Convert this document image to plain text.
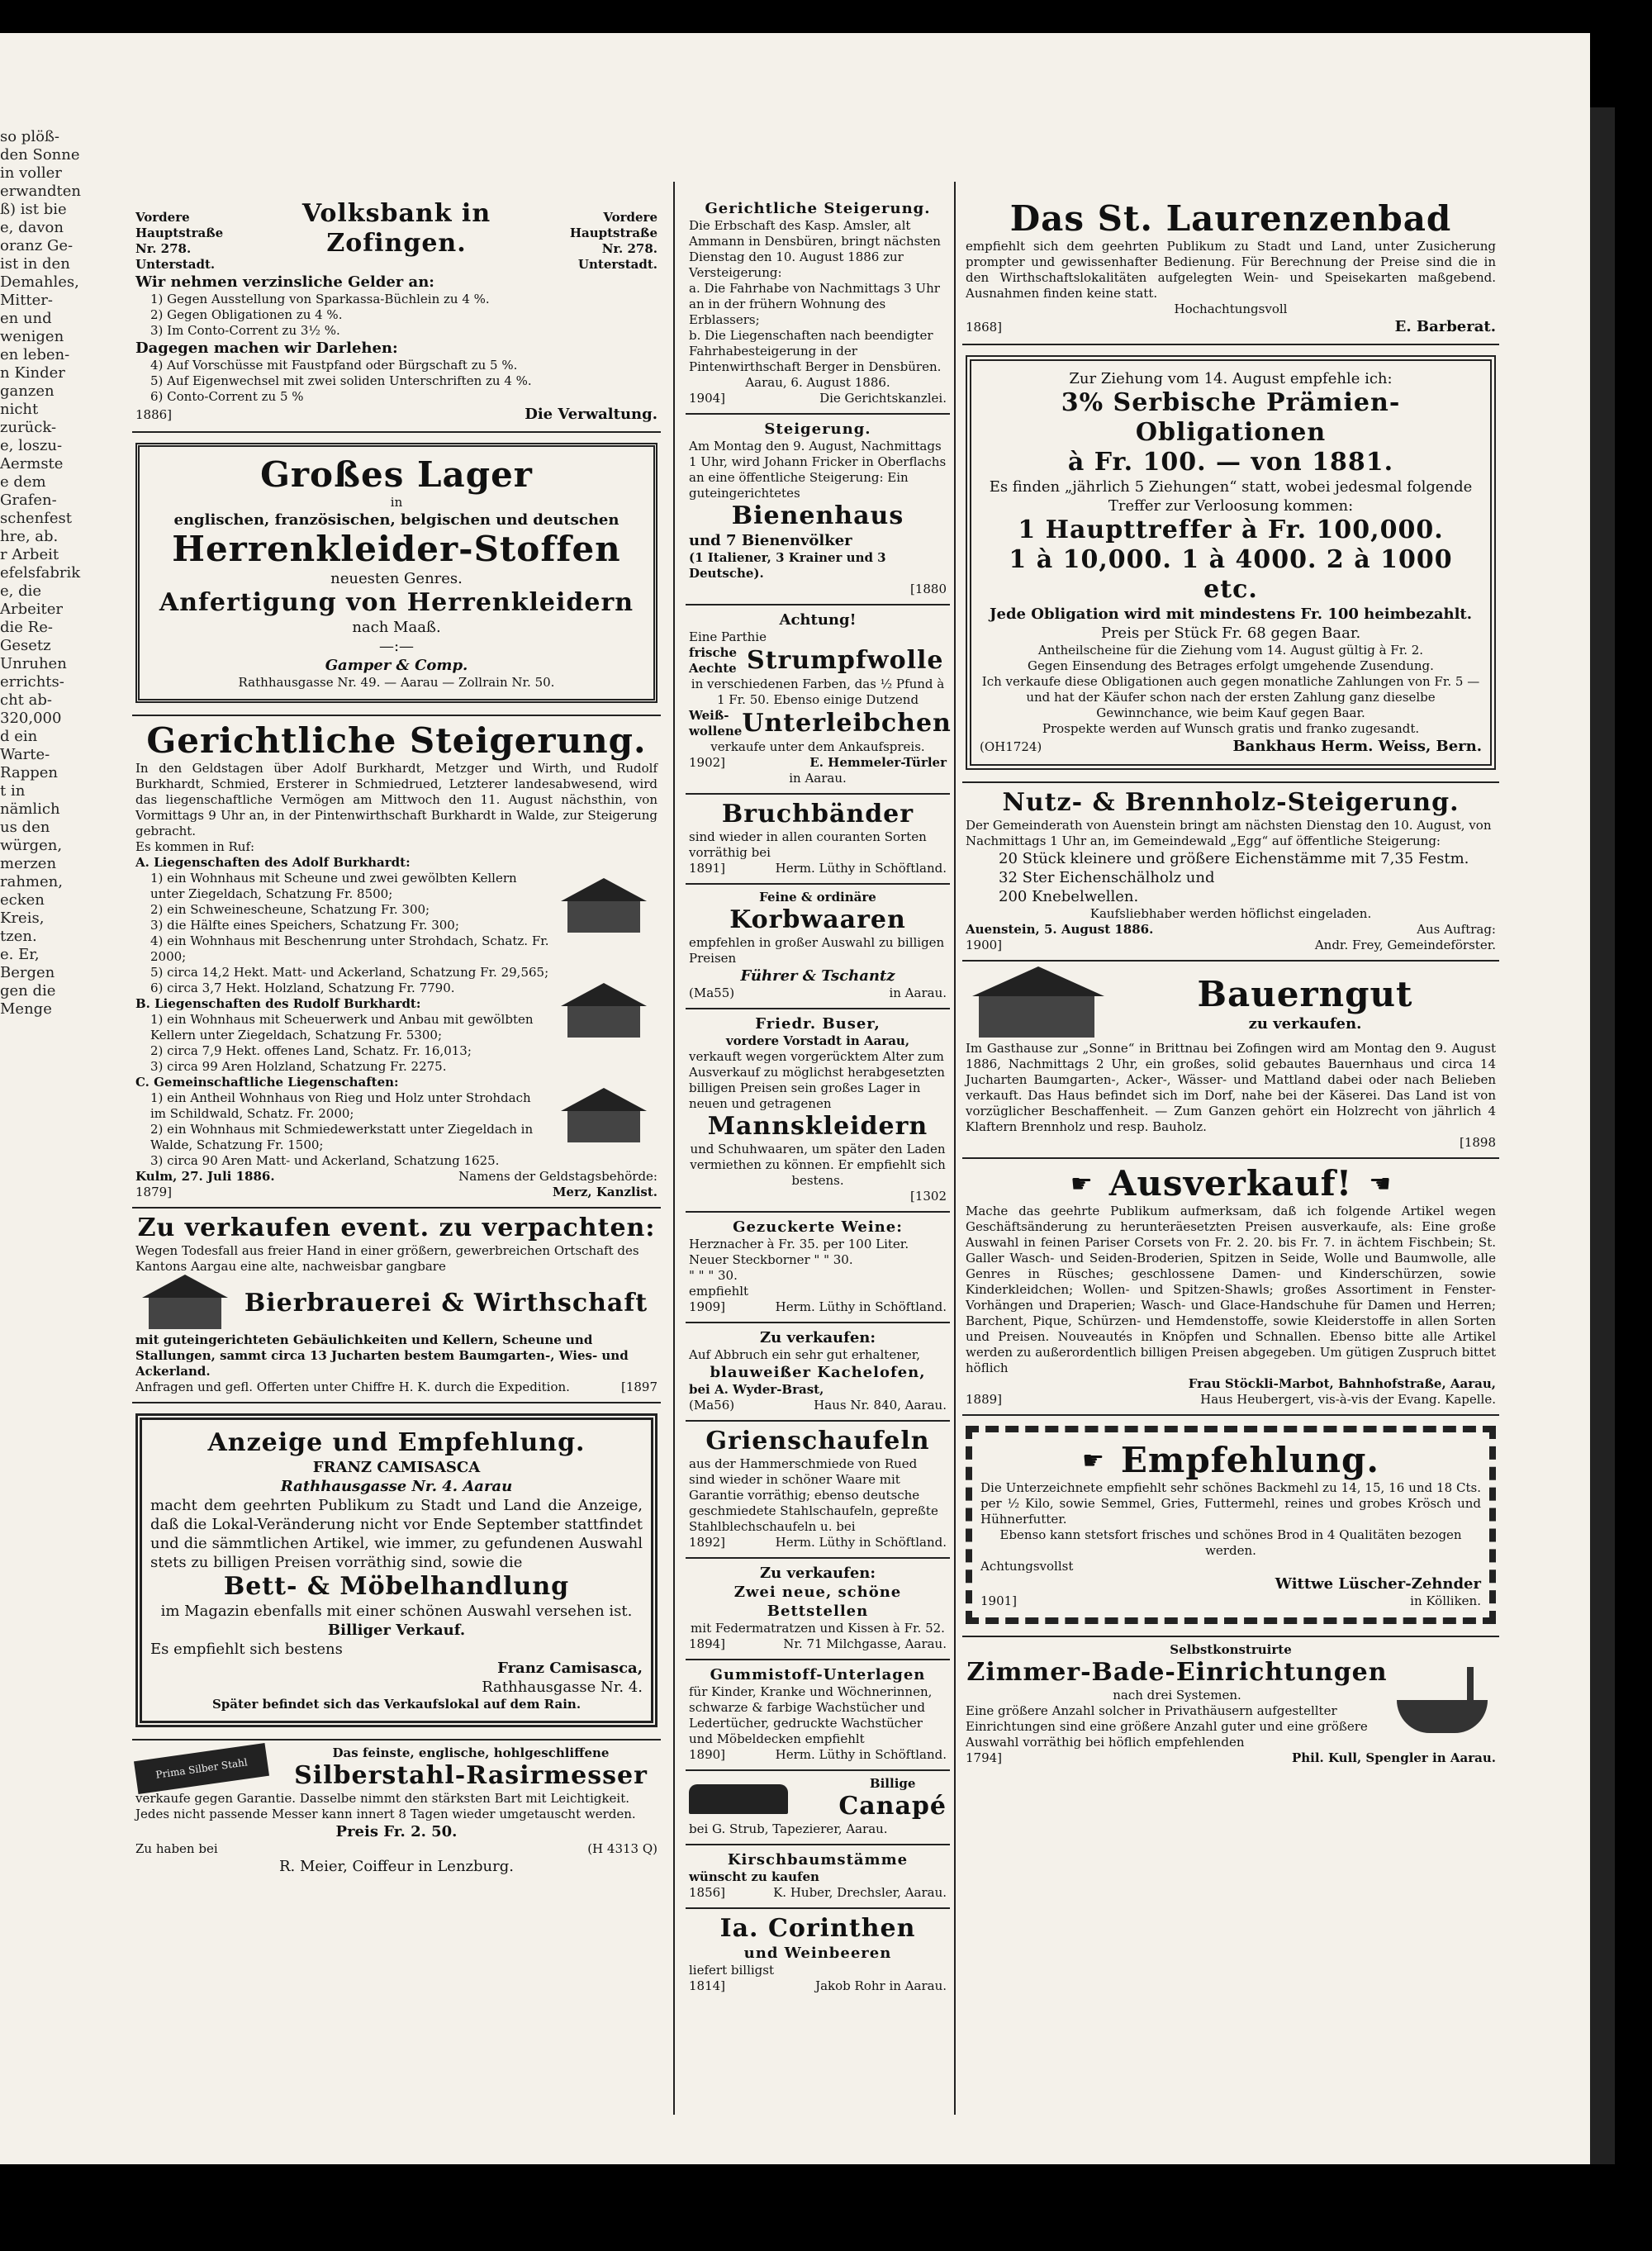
so plöß-
den Sonne
in voller
erwandten
ß) ist bie
e, davon
oranz Ge-
ist in den
Demahles,
Mitter-
en und
wenigen
en leben-
n Kinder
ganzen
nicht
zurück-
e, loszu-
Aermste
e dem
Grafen-
schenfest
hre, ab.
r Arbeit
efelsfabrik
e, die
Arbeiter
die Re-
Gesetz
Unruhen
errichts-
cht ab-
320,000
d ein
Warte-
Rappen
t in
nämlich
us den
würgen,
merzen
rahmen,
ecken
Kreis,
tzen.
e. Er,
Bergen
gen die
Menge
Vordere Hauptstraße Nr. 278. Unterstadt.
Volksbank in Zofingen.
Vordere Hauptstraße Nr. 278. Unterstadt.
Wir nehmen verzinsliche Gelder an:
1) Gegen Ausstellung von Sparkassa-Büchlein zu 4 %.
2) Gegen Obligationen zu 4 %.
3) Im Conto-Corrent zu 3½ %.
Dagegen machen wir Darlehen:
4) Auf Vorschüsse mit Faustpfand oder Bürgschaft zu 5 %.
5) Auf Eigenwechsel mit zwei soliden Unterschriften zu 4 %.
6) Conto-Corrent zu 5 %
1886]	Die Verwaltung.
Großes Lager
in
englischen, französischen, belgischen und deutschen
Herrenkleider-Stoffen
neuesten Genres.
Anfertigung von Herrenkleidern
nach Maaß.
—:—
Gamper & Comp.
Rathhausgasse Nr. 49. — Aarau — Zollrain Nr. 50.
Gerichtliche Steigerung.
In den Geldstagen über Adolf Burkhardt, Metzger und Wirth, und Rudolf Burkhardt, Schmied, Ersterer in Schmiedrued, Letzterer landesabwesend, wird das liegenschaftliche Vermögen am Mittwoch den 11. August nächsthin, von Vormittags 9 Uhr an, in der Pintenwirthschaft Burkhardt in Walde, zur Steigerung gebracht.
Es kommen in Ruf:
A. Liegenschaften des Adolf Burkhardt:
1) ein Wohnhaus mit Scheune und zwei gewölbten Kellern unter Ziegeldach, Schatzung Fr. 8500;
2) ein Schweinescheune, Schatzung Fr. 300;
3) die Hälfte eines Speichers, Schatzung Fr. 300;
4) ein Wohnhaus mit Beschenrung unter Strohdach, Schatz. Fr. 2000;
5) circa 14,2 Hekt. Matt- und Ackerland, Schatzung Fr. 29,565;
6) circa 3,7 Hekt. Holzland, Schatzung Fr. 7790.
B. Liegenschaften des Rudolf Burkhardt:
1) ein Wohnhaus mit Scheuerwerk und Anbau mit gewölbten Kellern unter Ziegeldach, Schatzung Fr. 5300;
2) circa 7,9 Hekt. offenes Land, Schatz. Fr. 16,013;
3) circa 99 Aren Holzland, Schatzung Fr. 2275.
C. Gemeinschaftliche Liegenschaften:
1) ein Antheil Wohnhaus von Rieg und Holz unter Strohdach im Schildwald, Schatz. Fr. 2000;
2) ein Wohnhaus mit Schmiedewerkstatt unter Ziegeldach in Walde, Schatzung Fr. 1500;
3) circa 90 Aren Matt- und Ackerland, Schatzung 1625.
Kulm, 27. Juli 1886.	Namens der Geldstagsbehörde:
1879]	Merz, Kanzlist.
Zu verkaufen event. zu verpachten:
Wegen Todesfall aus freier Hand in einer größern, gewerbreichen Ortschaft des Kantons Aargau eine alte, nachweisbar gangbare
Bierbrauerei & Wirthschaft
mit guteingerichteten Gebäulichkeiten und Kellern, Scheune und Stallungen, sammt circa 13 Jucharten bestem Baumgarten-, Wies- und Ackerland.
Anfragen und gefl. Offerten unter Chiffre H. K. durch die Expedition.	[1897
Anzeige und Empfehlung.
FRANZ CAMISASCA
Rathhausgasse Nr. 4. Aarau
macht dem geehrten Publikum zu Stadt und Land die Anzeige, daß die Lokal-Veränderung nicht vor Ende September stattfindet und die sämmtlichen Artikel, wie immer, zu gefundenen Auswahl stets zu billigen Preisen vorräthig sind, sowie die
Bett- & Möbelhandlung
im Magazin ebenfalls mit einer schönen Auswahl versehen ist.
Billiger Verkauf.
Es empfiehlt sich bestens
Franz Camisasca,
Rathhausgasse Nr. 4.
Später befindet sich das Verkaufslokal auf dem Rain.
Prima Silber Stahl
Das feinste, englische, hohlgeschliffene
Silberstahl-Rasirmesser
verkaufe gegen Garantie. Dasselbe nimmt den stärksten Bart mit Leichtigkeit. Jedes nicht passende Messer kann innert 8 Tagen wieder umgetauscht werden.
Preis Fr. 2. 50.
Zu haben bei	(H 4313 Q)
R. Meier, Coiffeur in Lenzburg.
Gerichtliche Steigerung.
Die Erbschaft des Kasp. Amsler, alt Ammann in Densbüren, bringt nächsten Dienstag den 10. August 1886 zur Versteigerung:
a. Die Fahrhabe von Nachmittags 3 Uhr an in der frühern Wohnung des Erblassers;
b. Die Liegenschaften nach beendigter Fahrhabesteigerung in der Pintenwirthschaft Berger in Densbüren.
Aarau, 6. August 1886.
1904]	Die Gerichtskanzlei.
Steigerung.
Am Montag den 9. August, Nachmittags 1 Uhr, wird Johann Fricker in Oberflachs an eine öffentliche Steigerung: Ein guteingerichtetes
Bienenhaus
und 7 Bienenvölker
(1 Italiener, 3 Krainer und 3 Deutsche).
[1880
Achtung!
Eine Parthie
frische
Aechte Strumpfwolle
in verschiedenen Farben, das ½ Pfund à 1 Fr. 50. Ebenso einige Dutzend
Weiß-
wollene Unterleibchen
verkaufe unter dem Ankaufspreis.
1902]	E. Hemmeler-Türler
in Aarau.
Bruchbänder
sind wieder in allen couranten Sorten vorräthig bei
1891]	Herm. Lüthy in Schöftland.
Feine & ordinäre
Korbwaaren
empfehlen in großer Auswahl zu billigen Preisen
Führer & Tschantz
(Ma55)	in Aarau.
Friedr. Buser,
vordere Vorstadt in Aarau,
verkauft wegen vorgerücktem Alter zum Ausverkauf zu möglichst herabgesetzten billigen Preisen sein großes Lager in neuen und getragenen
Mannskleidern
und Schuhwaaren, um später den Laden vermiethen zu können. Er empfiehlt sich bestens.
[1302
Gezuckerte Weine:
Herznacher à Fr. 35. per 100 Liter.
Neuer Steckborner " " 30.
" " " 30.
empfiehlt
1909]	Herm. Lüthy in Schöftland.
Zu verkaufen:
Auf Abbruch ein sehr gut erhaltener,
blauweißer Kachelofen,
bei A. Wyder-Brast,
(Ma56)	Haus Nr. 840, Aarau.
Grienschaufeln
aus der Hammerschmiede von Rued sind wieder in schöner Waare mit Garantie vorräthig; ebenso deutsche geschmiedete Stahlschaufeln, gepreßte Stahlblechschaufeln u. bei
1892]	Herm. Lüthy in Schöftland.
Zu verkaufen:
Zwei neue, schöne Bettstellen
mit Federmatratzen und Kissen à Fr. 52.
1894]	Nr. 71 Milchgasse, Aarau.
Gummistoff-Unterlagen
für Kinder, Kranke und Wöchnerinnen, schwarze & farbige Wachstücher und Ledertücher, gedruckte Wachstücher und Möbeldecken empfiehlt
1890]	Herm. Lüthy in Schöftland.
Billige
Canapé
bei G. Strub, Tapezierer, Aarau.
Kirschbaumstämme
wünscht zu kaufen
1856]	K. Huber, Drechsler, Aarau.
Ia. Corinthen
und Weinbeeren
liefert billigst
1814]	Jakob Rohr in Aarau.
Das St. Laurenzenbad
empfiehlt sich dem geehrten Publikum zu Stadt und Land, unter Zusicherung prompter und gewissenhafter Bedienung. Für Berechnung der Preise sind die in den Wirthschaftslokalitäten aufgelegten Wein- und Speisekarten maßgebend. Ausnahmen finden keine statt.
Hochachtungsvoll
1868]	E. Barberat.
Zur Ziehung vom 14. August empfehle ich:
3% Serbische Prämien-Obligationen
à Fr. 100. — von 1881.
Es finden „jährlich 5 Ziehungen“ statt, wobei jedesmal folgende Treffer zur Verloosung kommen:
1 Haupttreffer à Fr. 100,000.
1 à 10,000. 1 à 4000. 2 à 1000 etc.
Jede Obligation wird mit mindestens Fr. 100 heimbezahlt.
Preis per Stück Fr. 68 gegen Baar.
Antheilscheine für die Ziehung vom 14. August gültig à Fr. 2.
Gegen Einsendung des Betrages erfolgt umgehende Zusendung.
Ich verkaufe diese Obligationen auch gegen monatliche Zahlungen von Fr. 5 — und hat der Käufer schon nach der ersten Zahlung ganz dieselbe Gewinnchance, wie beim Kauf gegen Baar.
Prospekte werden auf Wunsch gratis und franko zugesandt.
(OH1724)	Bankhaus Herm. Weiss, Bern.
Nutz- & Brennholz-Steigerung.
Der Gemeinderath von Auenstein bringt am nächsten Dienstag den 10. August, von Nachmittags 1 Uhr an, im Gemeindewald „Egg“ auf öffentliche Steigerung:
20 Stück kleinere und größere Eichenstämme mit 7,35 Festm.
32 Ster Eichenschälholz und
200 Knebelwellen.
Kaufsliebhaber werden höflichst eingeladen.
Auenstein, 5. August 1886.	Aus Auftrag:
1900]	Andr. Frey, Gemeindeförster.
Bauerngut
zu verkaufen.
Im Gasthause zur „Sonne“ in Brittnau bei Zofingen wird am Montag den 9. August 1886, Nachmittags 2 Uhr, ein großes, solid gebautes Bauernhaus und circa 14 Jucharten Baumgarten-, Acker-, Wässer- und Mattland dabei oder nach Belieben verkauft. Das Haus befindet sich im Dorf, nahe bei der Käserei. Das Land ist von vorzüglicher Beschaffenheit. — Zum Ganzen gehört ein Holzrecht von jährlich 4 Klaftern Brennholz und resp. Bauholz.
[1898
☛ Ausverkauf! ☚
Mache das geehrte Publikum aufmerksam, daß ich folgende Artikel wegen Geschäftsänderung zu herunteräesetzten Preisen ausverkaufe, als: Eine große Auswahl in feinen Pariser Corsets von Fr. 2. 20. bis Fr. 7. in ächtem Fischbein; St. Galler Wasch- und Seiden-Broderien, Spitzen in Seide, Wolle und Baumwolle, alle Genres in Rüsches; geschlossene Damen- und Kinderschürzen, sowie Kinderkleidchen; Wollen- und Spitzen-Shawls; großes Assortiment in Fenster-Vorhängen und Draperien; Wasch- und Glace-Handschuhe für Damen und Herren; Barchent, Pique, Schürzen- und Hemdenstoffe, sowie Kleiderstoffe in allen Sorten und Preisen. Nouveautés in Knöpfen und Schnallen. Ebenso bitte alle Artikel werden zu außerordentlich billigen Preisen abgegeben. Um gütigen Zuspruch bittet höflich
Frau Stöckli-Marbot, Bahnhofstraße, Aarau,
1889]	Haus Heubergert, vis-à-vis der Evang. Kapelle.
☛ Empfehlung.
Die Unterzeichnete empfiehlt sehr schönes Backmehl zu 14, 15, 16 und 18 Cts. per ½ Kilo, sowie Semmel, Gries, Futtermehl, reines und grobes Krösch und Hühnerfutter.
Ebenso kann stetsfort frisches und schönes Brod in 4 Qualitäten bezogen werden.
Achtungsvollst
Wittwe Lüscher-Zehnder
1901]	in Kölliken.
Selbstkonstruirte
Zimmer-Bade-Einrichtungen
nach drei Systemen.
Eine größere Anzahl solcher in Privathäusern aufgestellter Einrichtungen sind eine größere Anzahl guter und eine größere Auswahl vorräthig bei höflich empfehlenden
1794]	Phil. Kull, Spengler in Aarau.
